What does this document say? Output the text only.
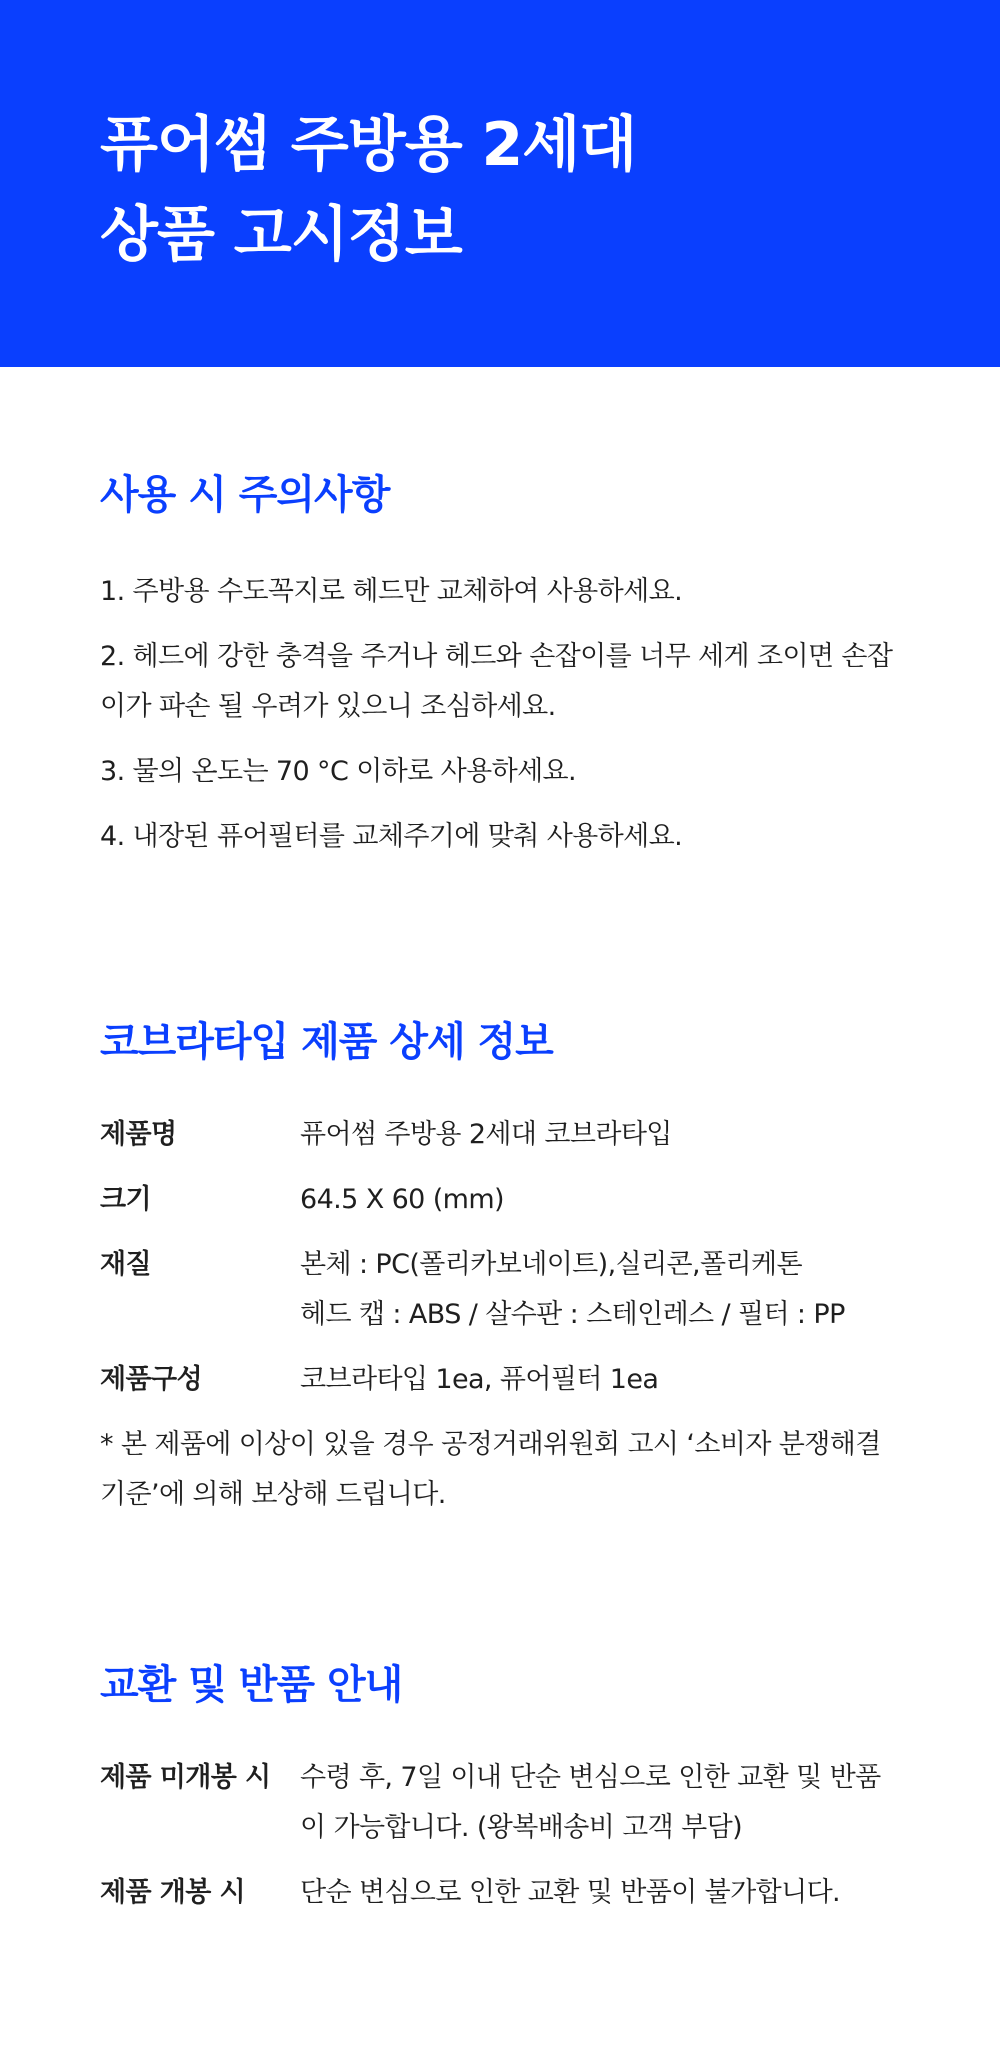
퓨어썸 주방용 2세대
상품 고시정보
사용 시 주의사항
1. 주방용 수도꼭지로 헤드만 교체하여 사용하세요.
2. 헤드에 강한 충격을 주거나 헤드와 손잡이를 너무 세게 조이면 손잡이가 파손 될 우려가 있으니 조심하세요.
3. 물의 온도는 70 °C 이하로 사용하세요.
4. 내장된 퓨어필터를 교체주기에 맞춰 사용하세요.
코브라타입 제품 상세 정보
제품명	퓨어썸 주방용 2세대 코브라타입
크기	64.5 X 60 (mm)
재질	본체 : PC(폴리카보네이트),실리콘,폴리케톤
헤드 캡 : ABS / 살수판 : 스테인레스 / 필터 : PP
제품구성	코브라타입 1ea, 퓨어필터 1ea

* 본 제품에 이상이 있을 경우 공정거래위원회 고시 ‘소비자 분쟁해결 기준’에 의해 보상해 드립니다.

교환 및 반품 안내
제품 미개봉 시	수령 후, 7일 이내 단순 변심으로 인한 교환 및 반품이 가능합니다. (왕복배송비 고객 부담)
제품 개봉 시	단순 변심으로 인한 교환 및 반품이 불가합니다.
